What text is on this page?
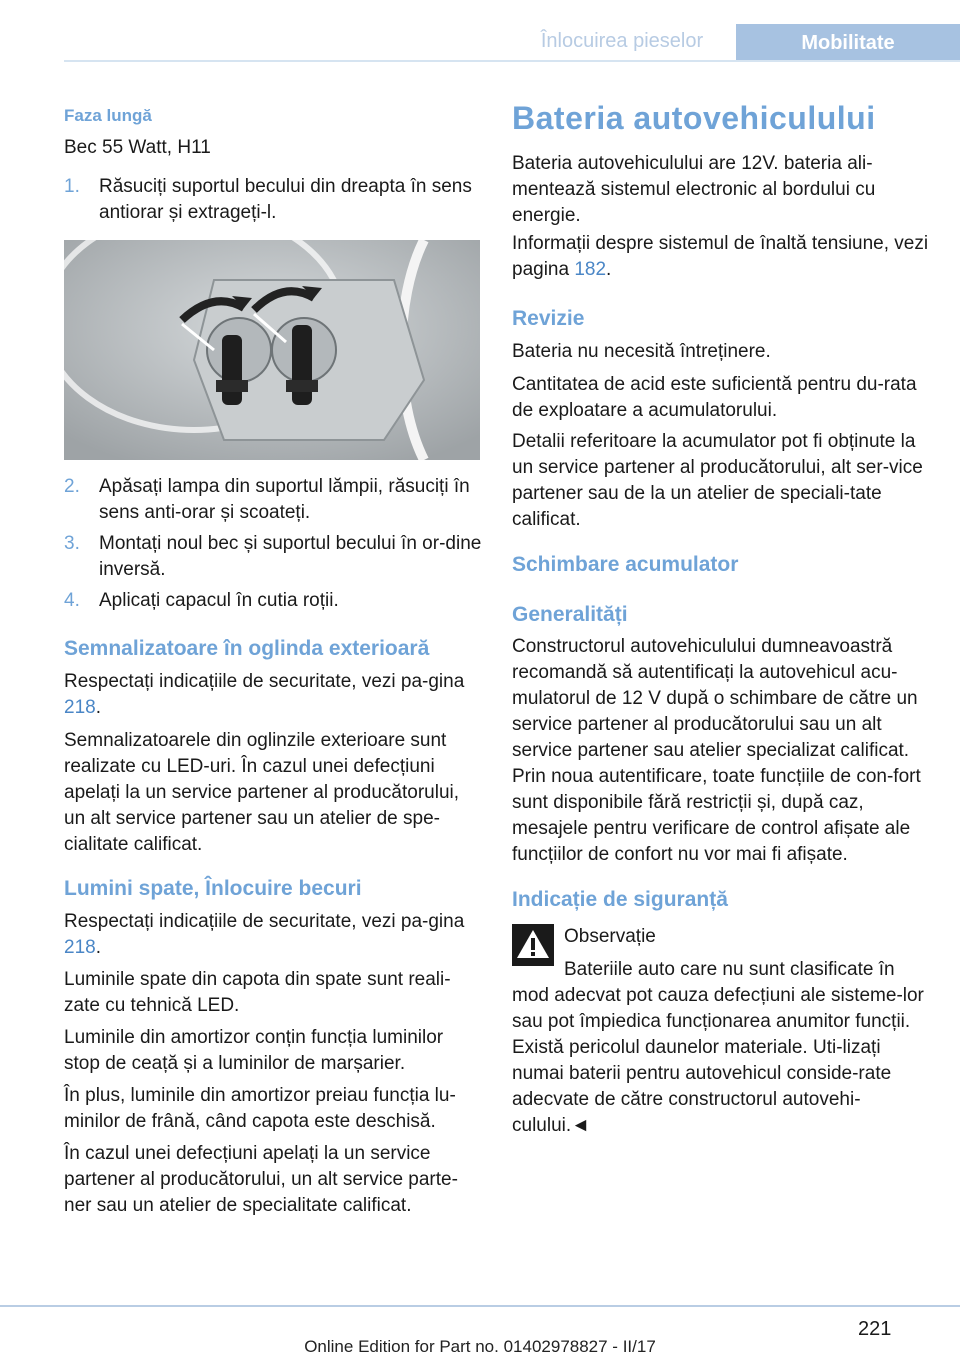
Înlocuirea pieselor	Mobilitate
Faza lungă

Bec 55 Watt, H11

1.	Răsuciți suportul becului din dreapta în sens antiorar și extrageți-l.
2.	Apăsați lampa din suportul lămpii, răsuciți în sens anti-orar și scoateți.
3.	Montați noul bec și suportul becului în or-dine inversă.
4.	Aplicați capacul în cutia roții.
Semnalizatoare în oglinda exterioară

Respectați indicațiile de securitate, vezi pa-gina 218.

Semnalizatoarele din oglinzile exterioare sunt realizate cu LED-uri. În cazul unei defecțiuni apelați la un service partener al producătorului, un alt service partener sau un atelier de spe-cialitate calificat.

Lumini spate, Înlocuire becuri

Respectați indicațiile de securitate, vezi pa-gina 218.

Luminile spate din capota din spate sunt reali-zate cu tehnică LED.

Luminile din amortizor conțin funcția luminilor stop de ceață și a luminilor de marșarier.

În plus, luminile din amortizor preiau funcția lu-minilor de frână, când capota este deschisă.

În cazul unei defecțiuni apelați la un service partener al producătorului, un alt service parte-ner sau un atelier de specialitate calificat.

Bateria autovehiculului

Bateria autovehiculului are 12V. bateria ali-mentează sistemul electronic al bordului cu energie.

Informații despre sistemul de înaltă tensiune, vezi pagina 182.

Revizie

Bateria nu necesită întreținere.

Cantitatea de acid este suficientă pentru du-rata de exploatare a acumulatorului.

Detalii referitoare la acumulator pot fi obținute la un service partener al producătorului, alt ser-vice partener sau de la un atelier de speciali-tate calificat.

Schimbare acumulator
Generalități

Constructorul autovehiculului dumneavoastră recomandă să autentificați la autovehicul acu-mulatorul de 12 V după o schimbare de către un service partener al producătorului sau un alt service partener sau atelier specializat calificat. Prin noua autentificare, toate funcțiile de con-fort sunt disponibile fără restricții și, după caz, mesajele pentru verificare de control afișate ale funcțiilor de confort nu vor mai fi afișate.

Indicație de siguranță

Observație

Bateriile auto care nu sunt clasificate în mod adecvat pot cauza defecțiuni ale sisteme-lor sau pot împiedica funcționarea anumitor funcții. Există pericolul daunelor materiale. Uti-lizați numai baterii pentru autovehicul conside-rate adecvate de către constructorul autovehi-culului.◄

221
Online Edition for Part no. 01402978827 - II/17
